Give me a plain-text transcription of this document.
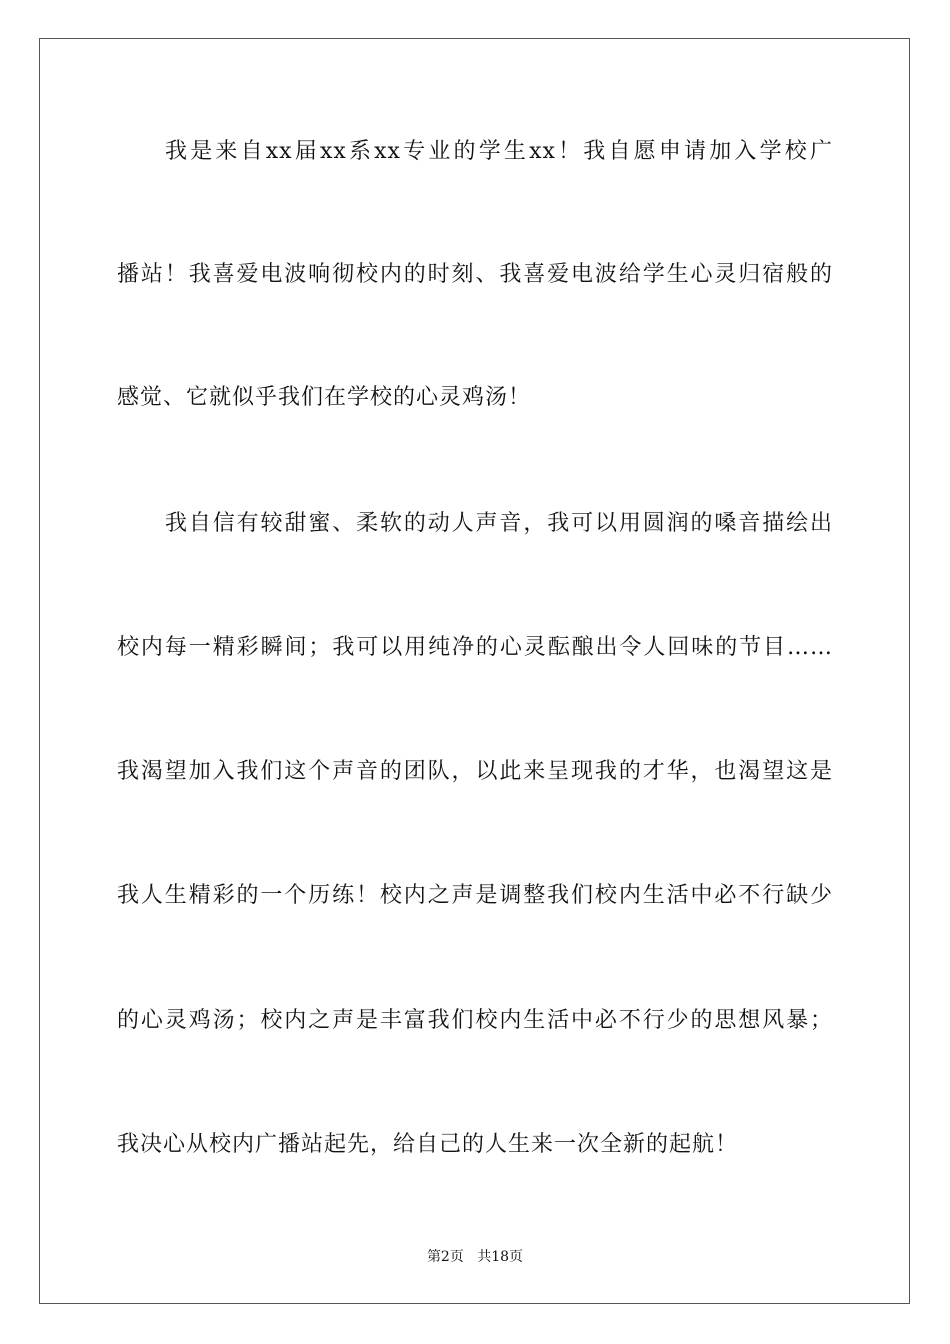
我是来自xx届xx系xx专业的学生xx！我自愿申请加入学校广
播站！我喜爱电波响彻校内的时刻、我喜爱电波给学生心灵归宿般的
感觉、它就似乎我们在学校的心灵鸡汤！
我自信有较甜蜜、柔软的动人声音，我可以用圆润的嗓音描绘出
校内每一精彩瞬间；我可以用纯净的心灵酝酿出令人回味的节目……
我渴望加入我们这个声音的团队，以此来呈现我的才华，也渴望这是
我人生精彩的一个历练！校内之声是调整我们校内生活中必不行缺少
的心灵鸡汤；校内之声是丰富我们校内生活中必不行少的思想风暴；
我决心从校内广播站起先，给自己的人生来一次全新的起航！
第2页 共18页
